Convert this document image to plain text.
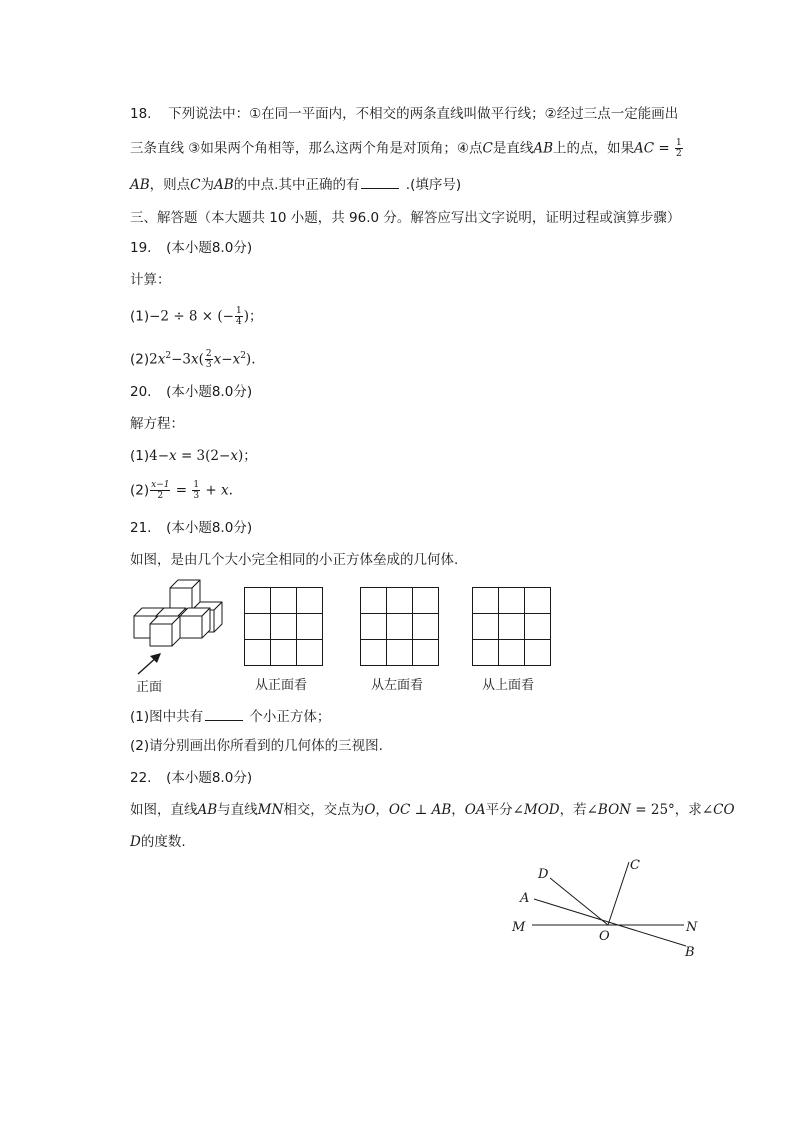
18. 下列说法中：①在同一平面内，不相交的两条直线叫做平行线；②经过三点一定能画出
三条直线 ③如果两个角相等，那么这两个角是对顶角；④点C是直线AB上的点，如果AC = $\frac{1}{2}$
AB，则点C为AB的中点.其中正确的有	.(填序号)
三、解答题（本大题共 10 小题，共 96.0 分。解答应写出文字说明，证明过程或演算步骤）
19. (本小题8.0分)
计算：
(1)−2 ÷ 8 × (− $\frac{1}{4}$ )；
$(2)2x^2-3x( \frac{2}{3} x-x^2)$.
20. (本小题8.0分)
解方程：
(1)4−x = 3(2−x)；
$(2) \frac{x-1}{2} = \frac{1}{3} + x$.
21. (本小题8.0分)
如图，是由几个大小完全相同的小正方体垒成的几何体.
正面	从正面看	从左面看	从上面看
(1)图中共有	个小正方体；
(2)请分别画出你所看到的几何体的三视图.
22. (本小题8.0分)
如图，直线AB与直线MN相交，交点为O，OC ⊥ AB，OA平分∠MOD，若∠BON = 25°，求∠CO
D的度数.
D
C
A
M
O
N
B
